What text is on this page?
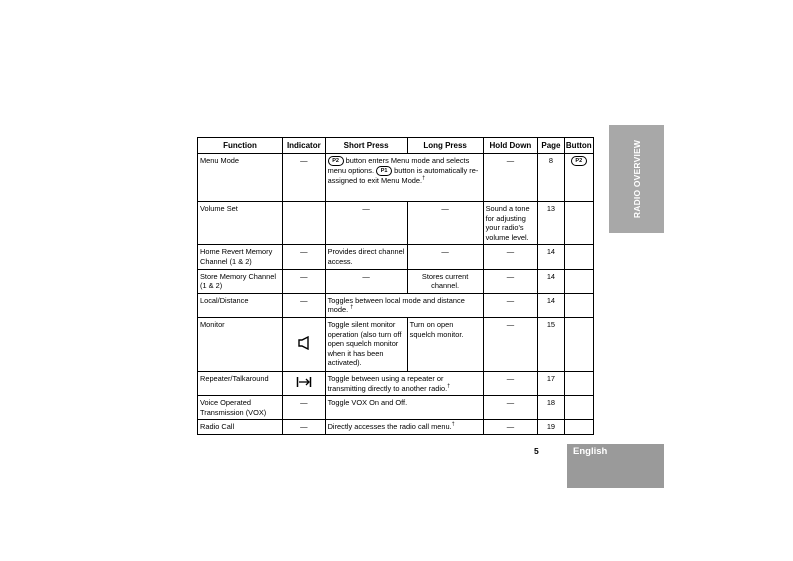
Function	Indicator	Short Press	Long Press	Hold Down	Page	Button
Menu Mode	—	P2 button enters Menu mode and selects menu options. P1 button is automatically re-assigned to exit Menu Mode.†		—	8	P2
Volume Set		—	—	Sound a tone for adjusting your radio's volume level.	13	
Home Revert Memory Channel (1 & 2)	—	Provides direct channel access.	—	—	14	
Store Memory Channel (1 & 2)	—	—	Stores current channel.	—	14	
Local/Distance	—	Toggles between local mode and distance mode. †		—	14	
Monitor		Toggle silent monitor operation (also turn off open squelch monitor when it has been activated).	Turn on open squelch monitor.	—	15	
Repeater/Talkaround		Toggle between using a repeater or transmitting directly to another radio.†		—	17	
Voice Operated Transmission (VOX)	—	Toggle VOX On and Off.		—	18	
Radio Call	—	Directly accesses the radio call menu.†		—	19	
RADIO OVERVIEW
5	English
